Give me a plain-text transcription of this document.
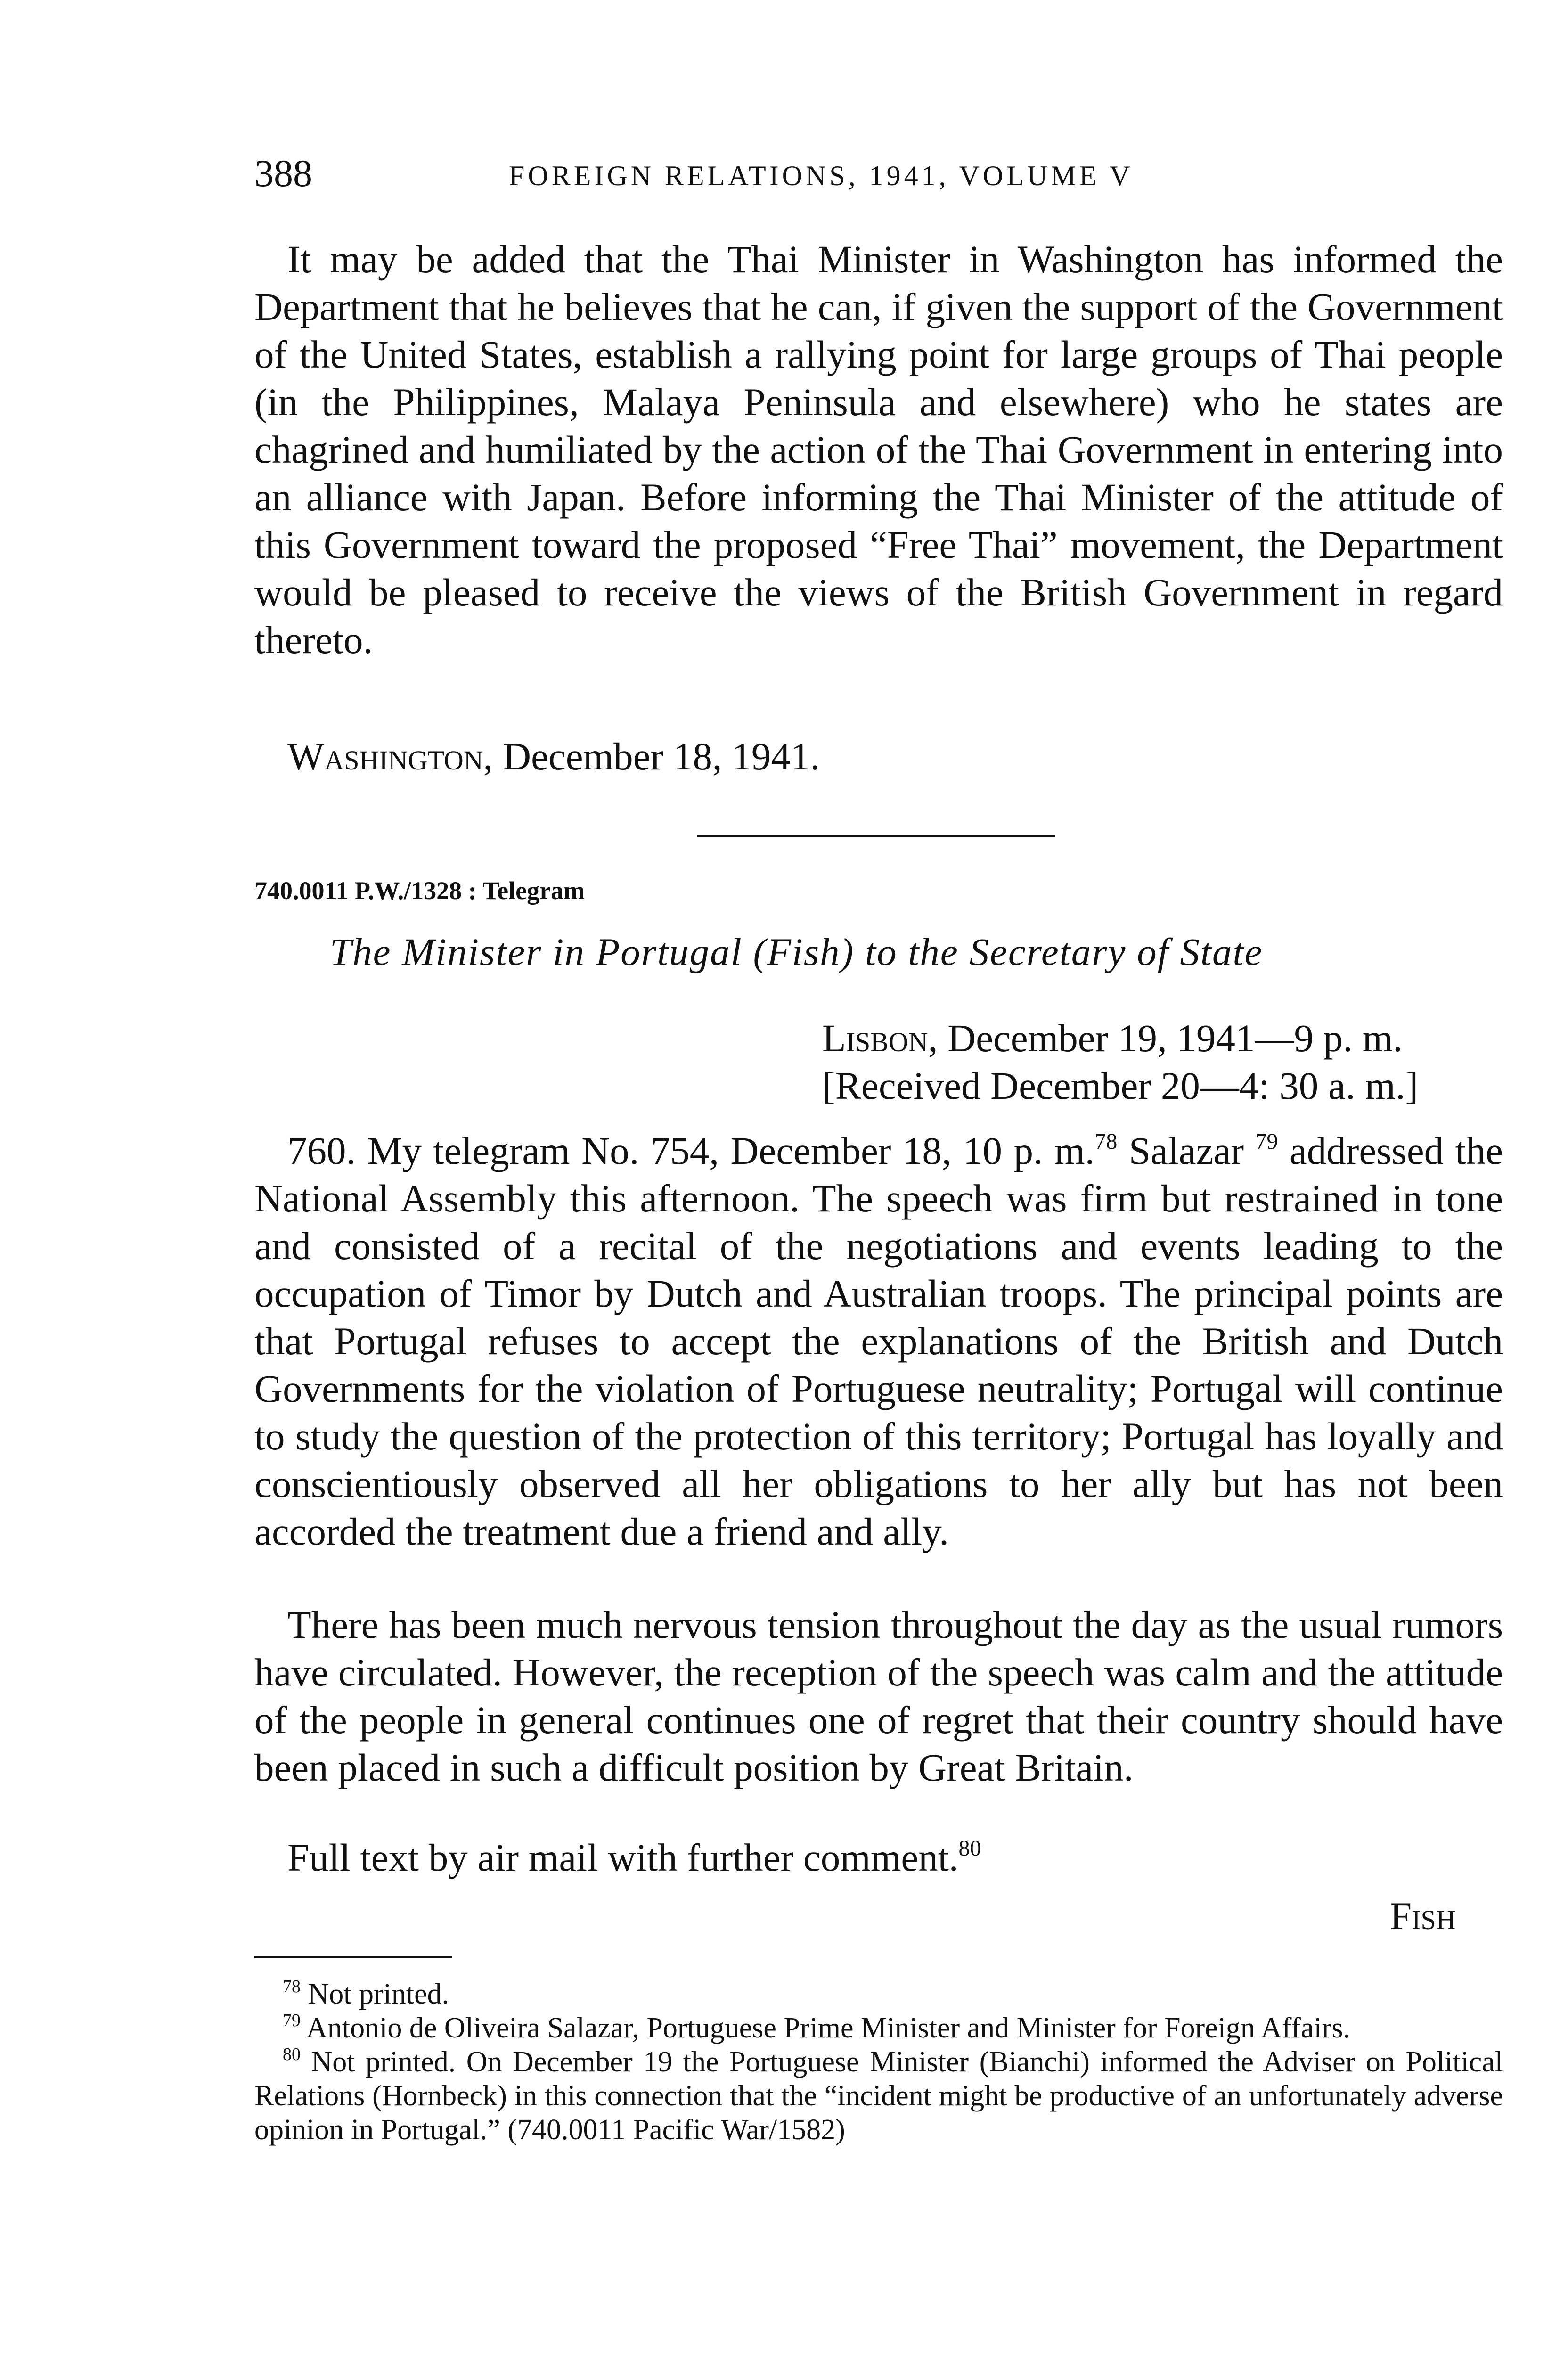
388	FOREIGN RELATIONS, 1941, VOLUME V

It may be added that the Thai Minister in Washington has informed the Department that he believes that he can, if given the support of the Government of the United States, establish a rallying point for large groups of Thai people (in the Philippines, Malaya Peninsula and elsewhere) who he states are chagrined and humiliated by the action of the Thai Government in entering into an alliance with Japan. Before informing the Thai Minister of the attitude of this Government toward the proposed “Free Thai” movement, the Department would be pleased to receive the views of the British Government in regard thereto.

Washington, December 18, 1941.
740.0011 P.W./1328 : Telegram
The Minister in Portugal (Fish) to the Secretary of State
Lisbon, December 19, 1941—9 p. m.
[Received December 20—4: 30 a. m.]

760. My telegram No. 754, December 18, 10 p. m.$^{78}$ Salazar $^{79}$ addressed the National Assembly this afternoon. The speech was firm but restrained in tone and consisted of a recital of the negotiations and events leading to the occupation of Timor by Dutch and Australian troops. The principal points are that Portugal refuses to accept the explanations of the British and Dutch Governments for the violation of Portuguese neutrality; Portugal will continue to study the question of the protection of this territory; Portugal has loyally and conscientiously observed all her obligations to her ally but has not been accorded the treatment due a friend and ally.

There has been much nervous tension throughout the day as the usual rumors have circulated. However, the reception of the speech was calm and the attitude of the people in general continues one of regret that their country should have been placed in such a difficult position by Great Britain.

Full text by air mail with further comment.$^{80}$

Fish

$^{78}$ Not printed.

$^{79}$ Antonio de Oliveira Salazar, Portuguese Prime Minister and Minister for Foreign Affairs.

$^{80}$ Not printed. On December 19 the Portuguese Minister (Bianchi) informed the Adviser on Political Relations (Hornbeck) in this connection that the “incident might be productive of an unfortunately adverse opinion in Portugal.” (740.0011 Pacific War/1582)
